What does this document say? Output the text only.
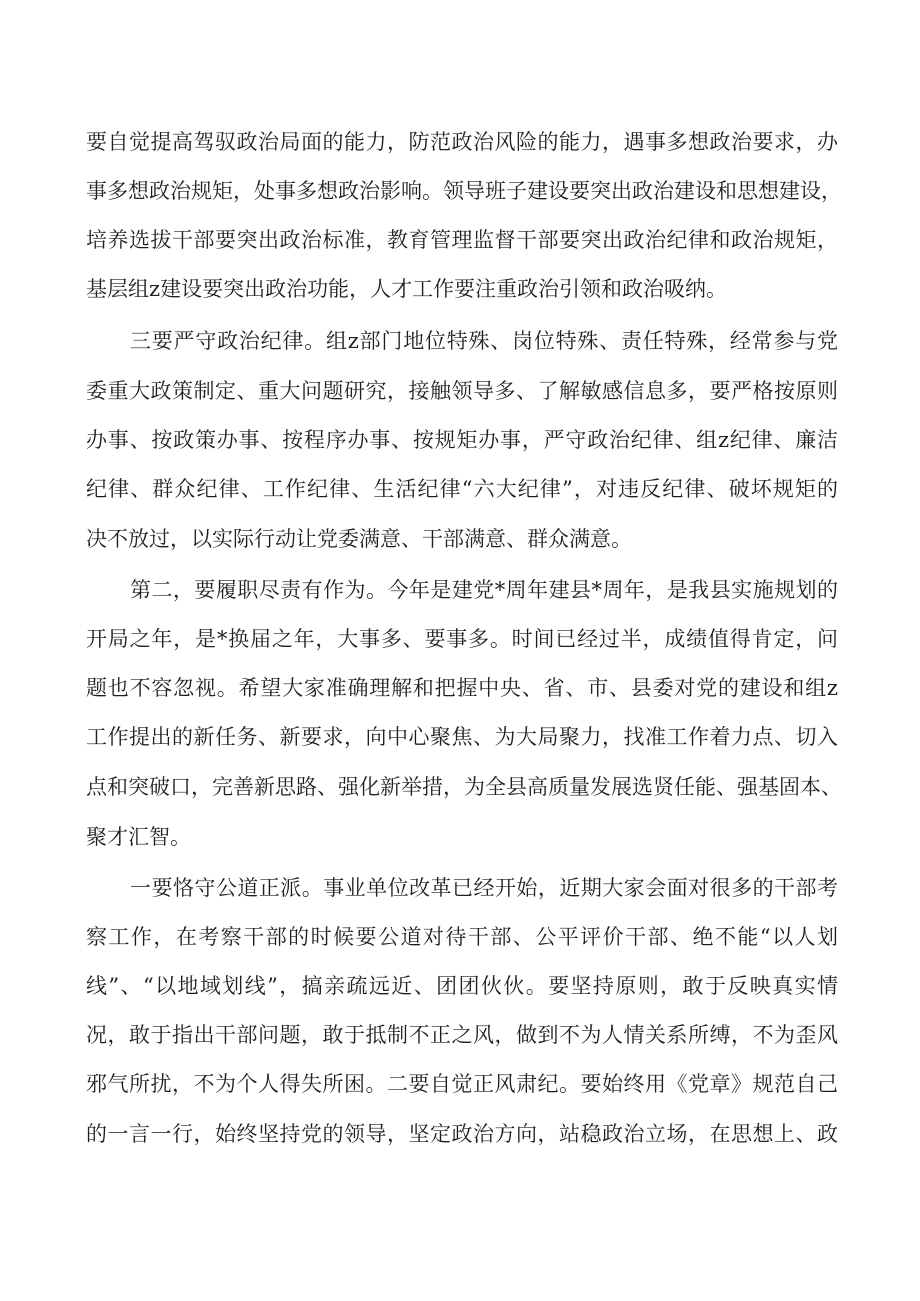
要自觉提高驾驭政治局面的能力，防范政治风险的能力，遇事多想政治要求，办
事多想政治规矩，处事多想政治影响。领导班子建设要突出政治建设和思想建设，
培养选拔干部要突出政治标准，教育管理监督干部要突出政治纪律和政治规矩，
基层组z建设要突出政治功能，人才工作要注重政治引领和政治吸纳。
三要严守政治纪律。组z部门地位特殊、岗位特殊、责任特殊，经常参与党
委重大政策制定、重大问题研究，接触领导多、了解敏感信息多，要严格按原则
办事、按政策办事、按程序办事、按规矩办事，严守政治纪律、组z纪律、廉洁
纪律、群众纪律、工作纪律、生活纪律“六大纪律”，对违反纪律、破坏规矩的
决不放过，以实际行动让党委满意、干部满意、群众满意。
第二，要履职尽责有作为。今年是建党*周年建县*周年，是我县实施规划的
开局之年，是*换届之年，大事多、要事多。时间已经过半，成绩值得肯定，问
题也不容忽视。希望大家准确理解和把握中央、省、市、县委对党的建设和组z
工作提出的新任务、新要求，向中心聚焦、为大局聚力，找准工作着力点、切入
点和突破口，完善新思路、强化新举措，为全县高质量发展选贤任能、强基固本、
聚才汇智。
一要恪守公道正派。事业单位改革已经开始，近期大家会面对很多的干部考
察工作，在考察干部的时候要公道对待干部、公平评价干部、绝不能“以人划
线”、“以地域划线”，搞亲疏远近、团团伙伙。要坚持原则，敢于反映真实情
况，敢于指出干部问题，敢于抵制不正之风，做到不为人情关系所缚，不为歪风
邪气所扰，不为个人得失所困。二要自觉正风肃纪。要始终用《党章》规范自己
的一言一行，始终坚持党的领导，坚定政治方向，站稳政治立场，在思想上、政
